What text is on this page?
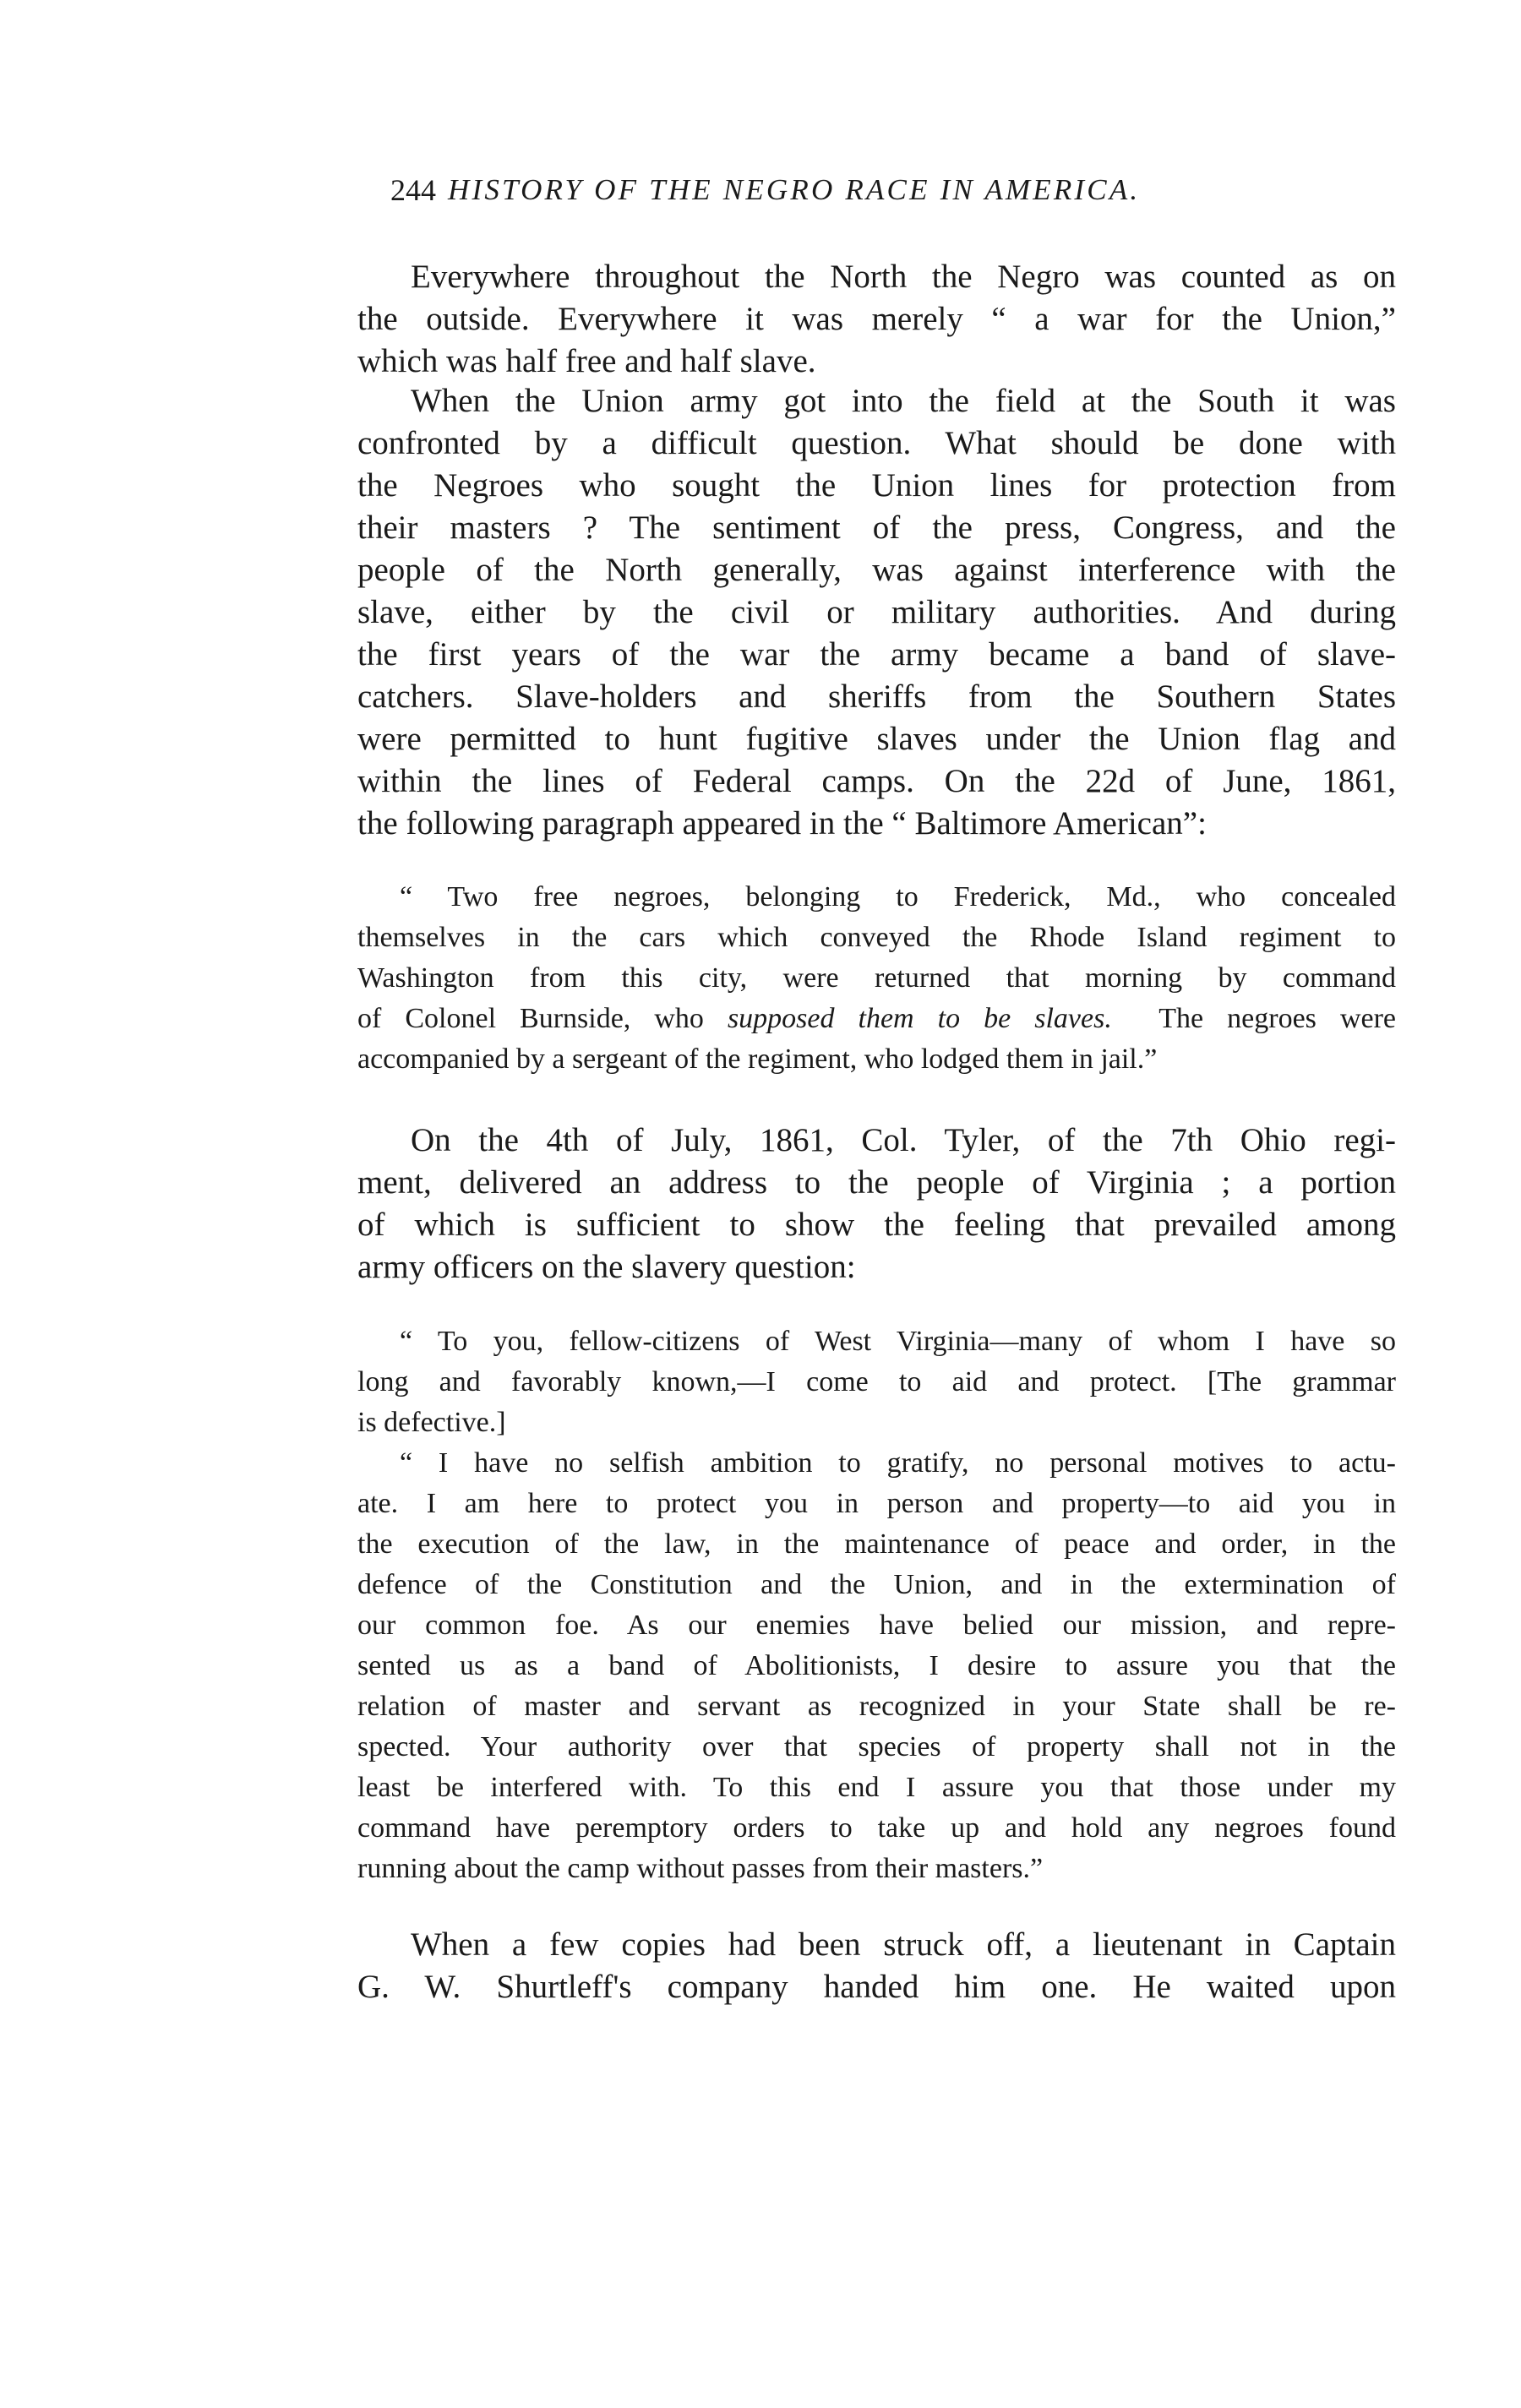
244 HISTORY OF THE NEGRO RACE IN AMERICA.
Everywhere throughout the North the Negro was counted as on
the outside. Everywhere it was merely “ a war for the Union,”
which was half free and half slave.
When the Union army got into the field at the South it was
confronted by a difficult question. What should be done with
the Negroes who sought the Union lines for protection from
their masters ? The sentiment of the press, Congress, and the
people of the North generally, was against interference with the
slave, either by the civil or military authorities. And during
the first years of the war the army became a band of slave-
catchers. Slave-holders and sheriffs from the Southern States
were permitted to hunt fugitive slaves under the Union flag and
within the lines of Federal camps. On the 22d of June, 1861,
the following paragraph appeared in the “ Baltimore American”:
“ Two free negroes, belonging to Frederick, Md., who concealed
themselves in the cars which conveyed the Rhode Island regiment to
Washington from this city, were returned that morning by command
of Colonel Burnside, who supposed them to be slaves.  The negroes were
accompanied by a sergeant of the regiment, who lodged them in jail.”
On the 4th of July, 1861, Col. Tyler, of the 7th Ohio regi-
ment, delivered an address to the people of Virginia ; a portion
of which is sufficient to show the feeling that prevailed among
army officers on the slavery question:
“ To you, fellow-citizens of West Virginia—many of whom I have so
long and favorably known,—I come to aid and protect. [The grammar
is defective.]
“ I have no selfish ambition to gratify, no personal motives to actu-
ate. I am here to protect you in person and property—to aid you in
the execution of the law, in the maintenance of peace and order, in the
defence of the Constitution and the Union, and in the extermination of
our common foe. As our enemies have belied our mission, and repre-
sented us as a band of Abolitionists, I desire to assure you that the
relation of master and servant as recognized in your State shall be re-
spected. Your authority over that species of property shall not in the
least be interfered with. To this end I assure you that those under my
command have peremptory orders to take up and hold any negroes found
running about the camp without passes from their masters.”
When a few copies had been struck off, a lieutenant in Captain
G. W. Shurtleff's company handed him one. He waited upon
